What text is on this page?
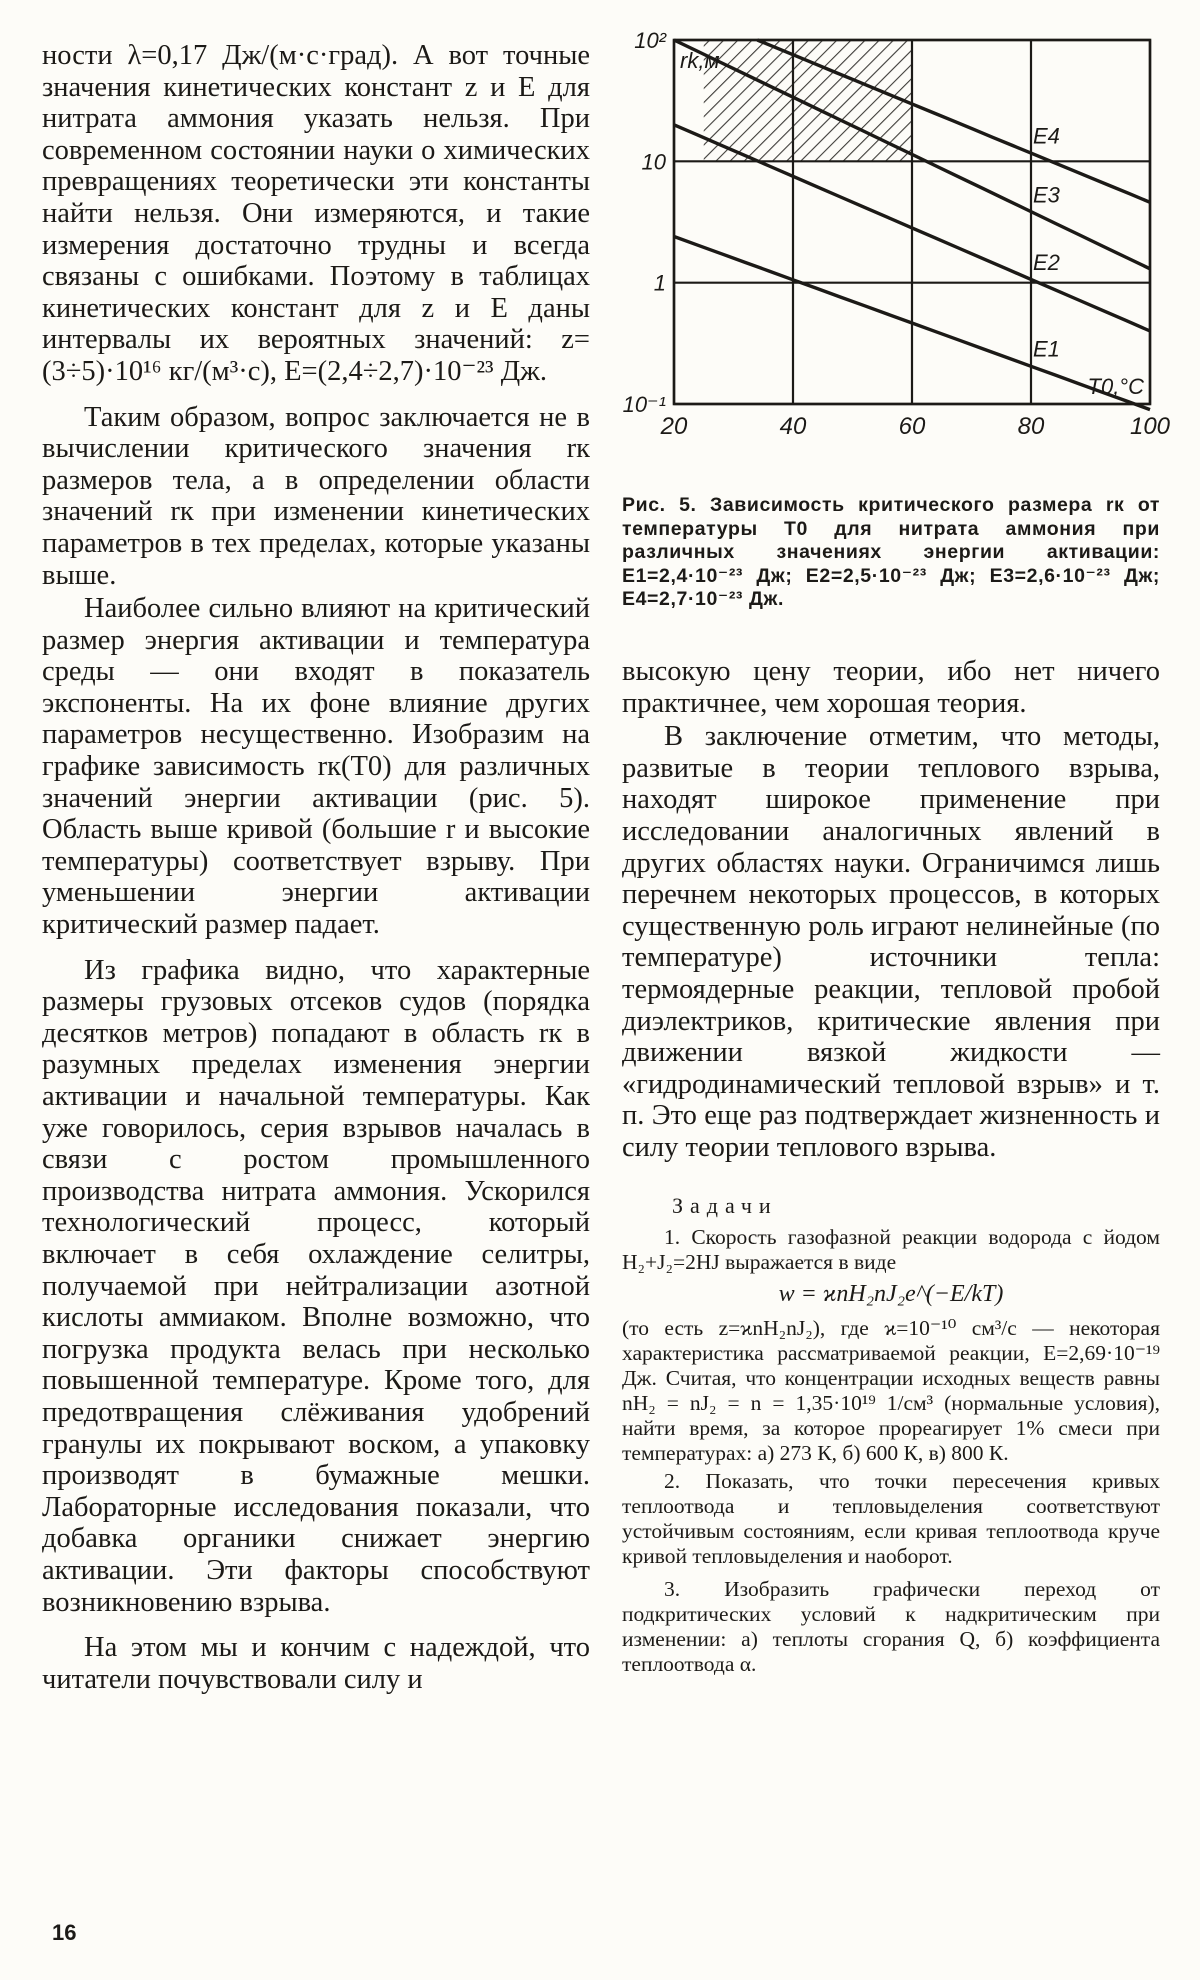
ности λ=0,17 Дж/(м·с·град). А вот точные значения кинетических констант z и E для нитрата аммония указать нельзя. При современном состоянии науки о химических превращениях теоретически эти константы найти нельзя. Они измеряются, и такие измерения достаточно трудны и всегда связаны с ошибками. Поэтому в таблицах кинетических констант для z и E даны интервалы их вероятных значений: z=(3÷5)·10¹⁶ кг/(м³·с), E=(2,4÷2,7)·10⁻²³ Дж.

Таким образом, вопрос заключается не в вычислении критического значения rк размеров тела, а в определении области значений rк при изменении кинетических параметров в тех пределах, которые указаны выше.

Наиболее сильно влияют на критический размер энергия активации и температура среды — они входят в показатель экспоненты. На их фоне влияние других параметров несущественно. Изобразим на графике зависимость rк(T0) для различных значений энергии активации (рис. 5). Область выше кривой (большие r и высокие температуры) соответствует взрыву. При уменьшении энергии активации критический размер падает.

Из графика видно, что характерные размеры грузовых отсеков судов (порядка десятков метров) попадают в область rк в разумных пределах изменения энергии активации и начальной температуры. Как уже говорилось, серия взрывов началась в связи с ростом промышленного производства нитрата аммония. Ускорился технологический процесс, который включает в себя охлаждение селитры, получаемой при нейтрализации азотной кислоты аммиаком. Вполне возможно, что погрузка продукта велась при несколько повышенной температуре. Кроме того, для предотвращения слёживания удобрений гранулы их покрывают воском, а упаковку производят в бумажные мешки. Лабораторные исследования показали, что добавка органики снижает энергию активации. Эти факторы способствуют возникновению взрыва.

На этом мы и кончим с надеждой, что читатели почувствовали силу и

20	40	60	80	100
10²
10
1
10⁻¹
rk,м
T0,°C
E1
E2
E3
E4

Рис. 5. Зависимость критического размера rк от температуры T0 для нитрата аммония при различных значениях энергии активации: E1=2,4·10⁻²³ Дж; E2=2,5·10⁻²³ Дж; E3=2,6·10⁻²³ Дж; E4=2,7·10⁻²³ Дж.

высокую цену теории, ибо нет ничего практичнее, чем хорошая теория.

В заключение отметим, что методы, развитые в теории теплового взрыва, находят широкое применение при исследовании аналогичных явлений в других областях науки. Ограничимся лишь перечнем некоторых процессов, в которых существенную роль играют нелинейные (по температуре) источники тепла: термоядерные реакции, тепловой пробой диэлектриков, критические явления при движении вязкой жидкости — «гидродинамический тепловой взрыв» и т. п. Это еще раз подтверждает жизненность и силу теории теплового взрыва.

Задачи

1. Скорость газофазной реакции водорода с йодом H₂+J₂=2HJ выражается в виде

w = ϰnH₂nJ₂e^(−E/kT)

(то есть z=ϰnH₂nJ₂), где ϰ=10⁻¹⁰ см³/с — некоторая характеристика рассматриваемой реакции, E=2,69·10⁻¹⁹ Дж. Считая, что концентрации исходных веществ равны nH₂ = nJ₂ = n = 1,35·10¹⁹ 1/см³ (нормальные условия), найти время, за которое прореагирует 1% смеси при температурах: а) 273 К, б) 600 К, в) 800 К.

2. Показать, что точки пересечения кривых теплоотвода и тепловыделения соответствуют устойчивым состояниям, если кривая теплоотвода круче кривой тепловыделения и наоборот.

3. Изобразить графически переход от подкритических условий к надкритическим при изменении: а) теплоты сгорания Q, б) коэффициента теплоотвода α.

16
